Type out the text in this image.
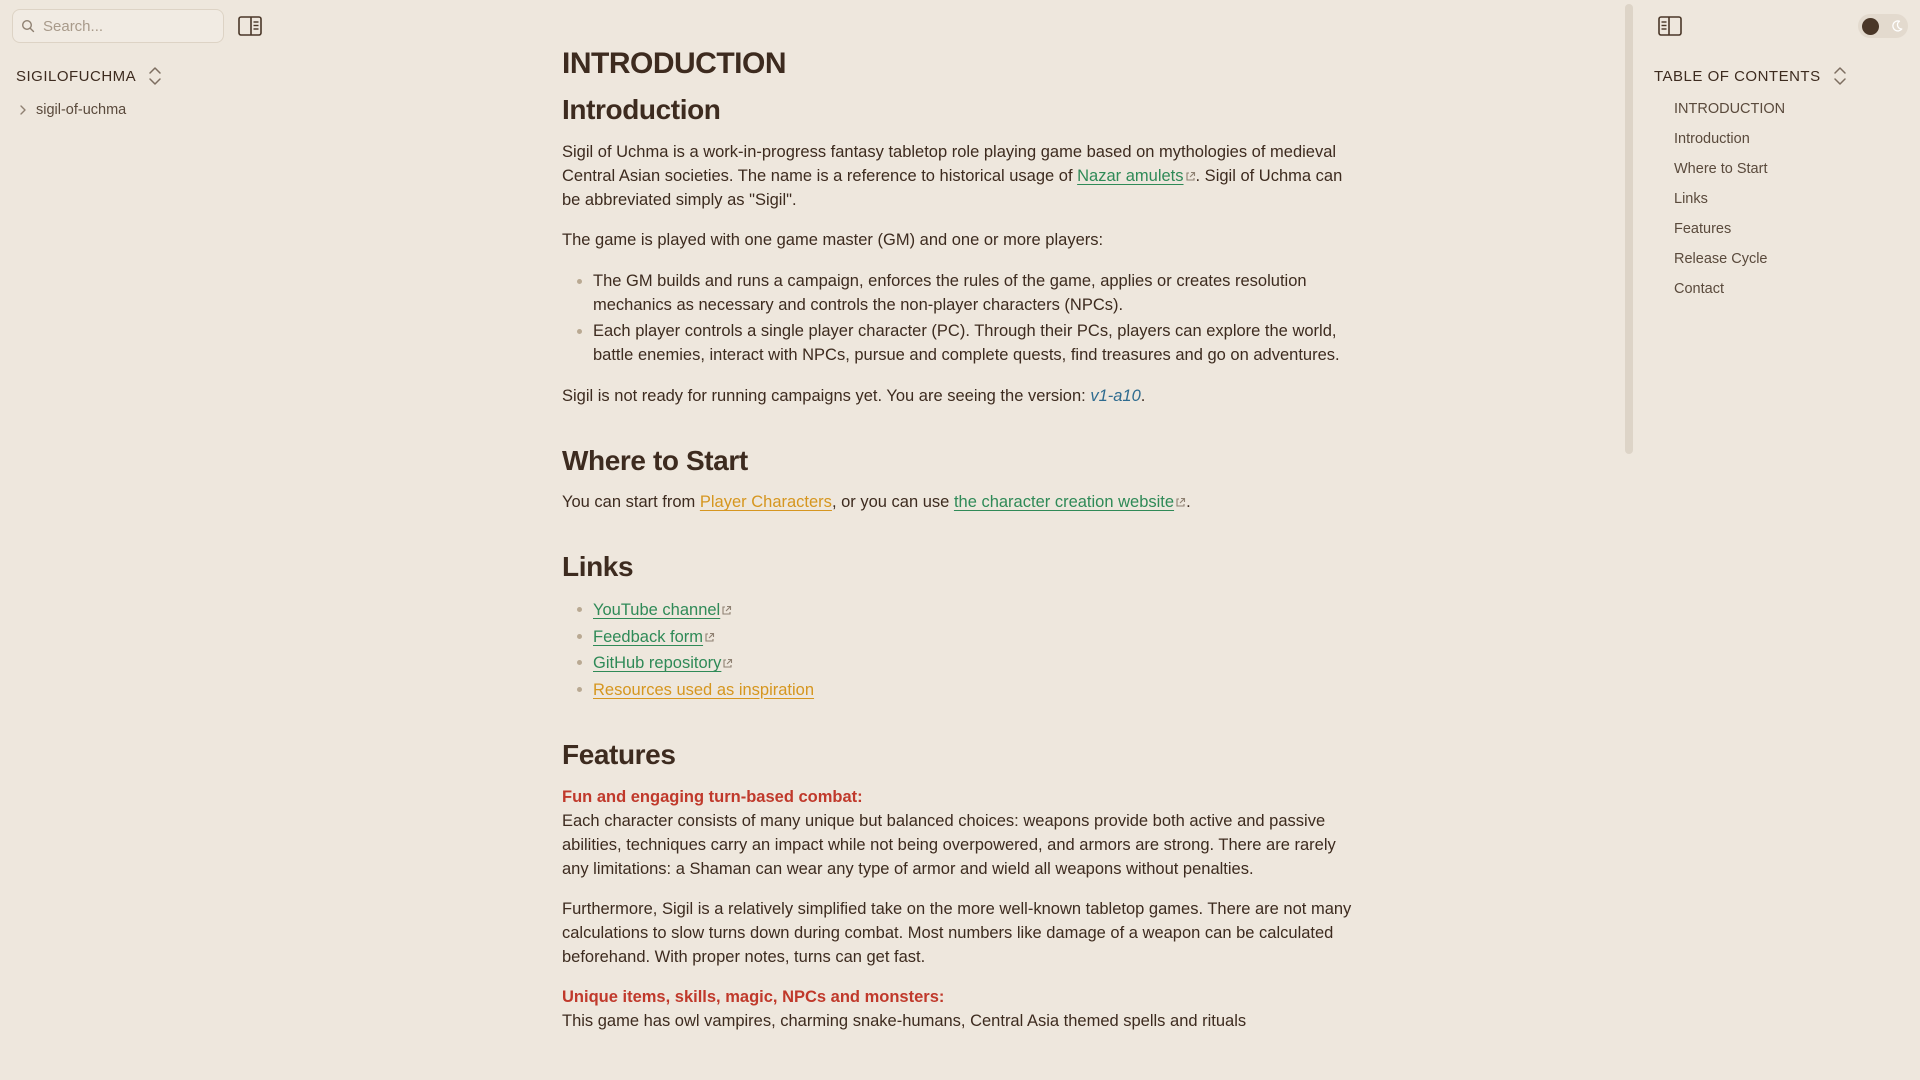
Search...
SIGILOFUCHMA
sigil-of-uchma
INTRODUCTION
Introduction

Sigil of Uchma is a work-in-progress fantasy tabletop role playing game based on mythologies of medieval Central Asian societies. The name is a reference to historical usage of Nazar amulets . Sigil of Uchma can be abbreviated simply as "Sigil".

The game is played with one game master (GM) and one or more players:

The GM builds and runs a campaign, enforces the rules of the game, applies or creates resolution mechanics as necessary and controls the non-player characters (NPCs).
Each player controls a single player character (PC). Through their PCs, players can explore the world, battle enemies, interact with NPCs, pursue and complete quests, find treasures and go on adventures.

Sigil is not ready for running campaigns yet. You are seeing the version: v1-a10.

Where to Start

You can start from Player Characters, or you can use the character creation website .

Links
YouTube channel
Feedback form
GitHub repository
Resources used as inspiration
Features
Fun and engaging turn-based combat:

Each character consists of many unique but balanced choices: weapons provide both active and passive abilities, techniques carry an impact while not being overpowered, and armors are strong. There are rarely any limitations: a Shaman can wear any type of armor and wield all weapons without penalties.

Furthermore, Sigil is a relatively simplified take on the more well-known tabletop games. There are not many calculations to slow turns down during combat. Most numbers like damage of a weapon can be calculated beforehand. With proper notes, turns can get fast.

Unique items, skills, magic, NPCs and monsters:

This game has owl vampires, charming snake-humans, Central Asia themed spells and rituals

TABLE OF CONTENTS
INTRODUCTION
Introduction
Where to Start
Links
Features
Release Cycle
Contact
